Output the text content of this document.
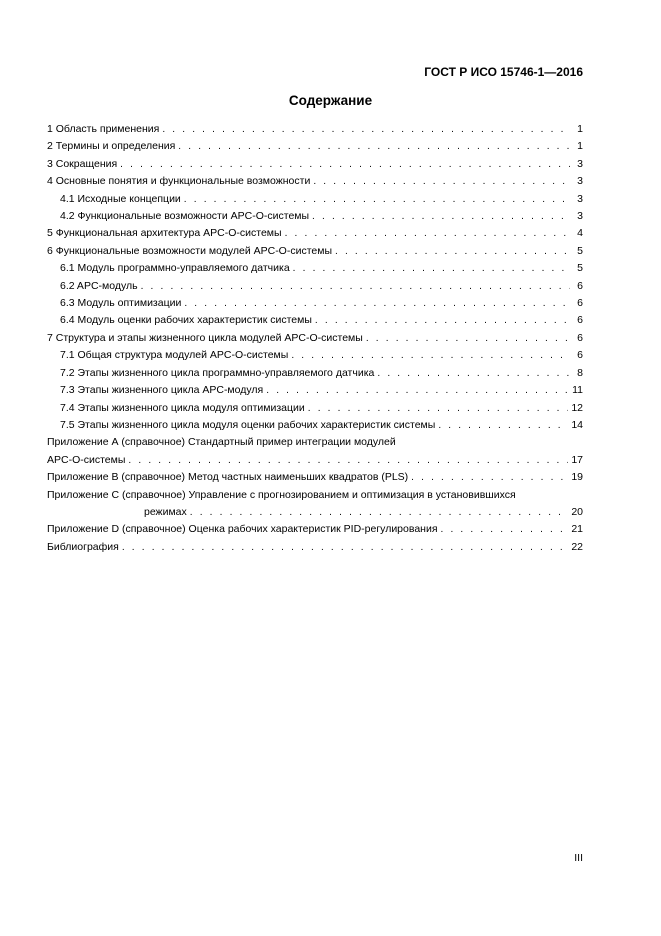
ГОСТ Р ИСО 15746-1—2016
Содержание
1 Область применения . . .	1
2 Термины и определения . . .	1
3 Сокращения . . .	3
4 Основные понятия и функциональные возможности . . .	3
4.1 Исходные концепции . . .	3
4.2 Функциональные возможности APC-O-системы . . .	3
5 Функциональная архитектура APC-O-системы . . .	4
6 Функциональные возможности модулей APC-O-системы . . .	5
6.1 Модуль программно-управляемого датчика . . .	5
6.2 APC-модуль . . .	6
6.3 Модуль оптимизации . . .	6
6.4 Модуль оценки рабочих характеристик системы . . .	6
7 Структура и этапы жизненного цикла модулей APC-O-системы . . .	6
7.1 Общая структура модулей APC-O-системы . . .	6
7.2 Этапы жизненного цикла программно-управляемого датчика . . .	8
7.3 Этапы жизненного цикла APC-модуля . . .	11
7.4 Этапы жизненного цикла модуля оптимизации . . .	12
7.5 Этапы жизненного цикла модуля оценки рабочих характеристик системы . . .	14
Приложение А (справочное) Стандартный пример интеграции модулей
APC-O-системы . . .	17
Приложение В (справочное) Метод частных наименьших квадратов (PLS) . . .	19
Приложение С (справочное) Управление с прогнозированием и оптимизация в установившихся
режимах . . .	20
Приложение D (справочное) Оценка рабочих характеристик PID-регулирования . . .	21
Библиография . . .	22
III
